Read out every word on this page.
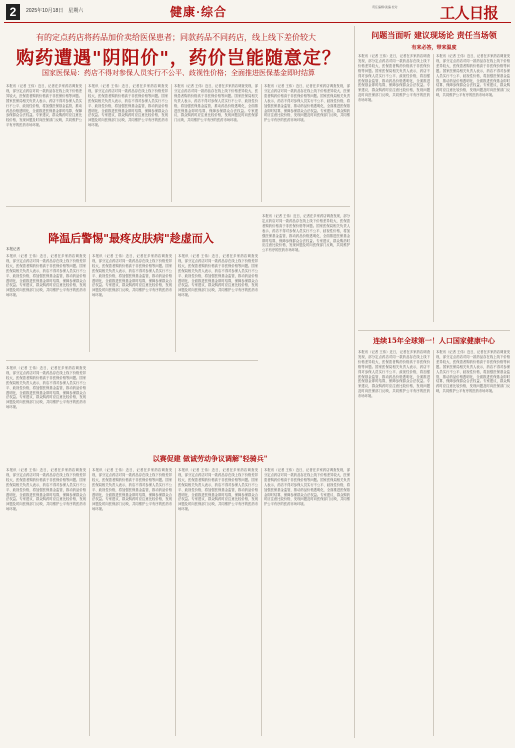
2	2025年10月18日　星期六	健康·综合	责任编辑/美编 校对	工人日报
有的定点药店将药品加价卖给医保患者；同款药品不同药店，线上线下差价较大
购药遭遇"阴阳价"，药价岂能随意定？
国家医保局：药店不得对参保人员实行不公平、歧视性价格；全面推进医保基金即时结算
本报讯（记者 王伟）近日，记者在多家药店调查发现，部分定点药店对同一款药品存在线上线下价格差异较大，医保患者购药价格高于非医保价格等问题。国家医保局相关负责人表示，药店不得对参保人员实行不公平、歧视性价格，将加强医保基金监管，推动药品价格透明化，全面推进医保基金即时结算，保障参保群众合法权益。专家建议，群众购药时应注意比较价格，发现问题及时向医保部门反映，共同维护公平有序的医药市场环境。
本报讯（记者 王伟）近日，记者在多家药店调查发现，部分定点药店对同一款药品存在线上线下价格差异较大，医保患者购药价格高于非医保价格等问题。国家医保局相关负责人表示，药店不得对参保人员实行不公平、歧视性价格，将加强医保基金监管，推动药品价格透明化，全面推进医保基金即时结算，保障参保群众合法权益。专家建议，群众购药时应注意比较价格，发现问题及时向医保部门反映，共同维护公平有序的医药市场环境。
本报讯（记者 王伟）近日，记者在多家药店调查发现，部分定点药店对同一款药品存在线上线下价格差异较大，医保患者购药价格高于非医保价格等问题。国家医保局相关负责人表示，药店不得对参保人员实行不公平、歧视性价格，将加强医保基金监管，推动药品价格透明化，全面推进医保基金即时结算，保障参保群众合法权益。专家建议，群众购药时应注意比较价格，发现问题及时向医保部门反映，共同维护公平有序的医药市场环境。
本报讯（记者 王伟）近日，记者在多家药店调查发现，部分定点药店对同一款药品存在线上线下价格差异较大，医保患者购药价格高于非医保价格等问题。国家医保局相关负责人表示，药店不得对参保人员实行不公平、歧视性价格，将加强医保基金监管，推动药品价格透明化，全面推进医保基金即时结算，保障参保群众合法权益。专家建议，群众购药时应注意比较价格，发现问题及时向医保部门反映，共同维护公平有序的医药市场环境。
降温后警惕"最疼皮肤病"趁虚而入
本报记者
本报讯（记者 王伟）近日，记者在多家药店调查发现，部分定点药店对同一款药品存在线上线下价格差异较大，医保患者购药价格高于非医保价格等问题。国家医保局相关负责人表示，药店不得对参保人员实行不公平、歧视性价格，将加强医保基金监管，推动药品价格透明化，全面推进医保基金即时结算，保障参保群众合法权益。专家建议，群众购药时应注意比较价格，发现问题及时向医保部门反映，共同维护公平有序的医药市场环境。
本报讯（记者 王伟）近日，记者在多家药店调查发现，部分定点药店对同一款药品存在线上线下价格差异较大，医保患者购药价格高于非医保价格等问题。国家医保局相关负责人表示，药店不得对参保人员实行不公平、歧视性价格，将加强医保基金监管，推动药品价格透明化，全面推进医保基金即时结算，保障参保群众合法权益。专家建议，群众购药时应注意比较价格，发现问题及时向医保部门反映，共同维护公平有序的医药市场环境。
本报讯（记者 王伟）近日，记者在多家药店调查发现，部分定点药店对同一款药品存在线上线下价格差异较大，医保患者购药价格高于非医保价格等问题。国家医保局相关负责人表示，药店不得对参保人员实行不公平、歧视性价格，将加强医保基金监管，推动药品价格透明化，全面推进医保基金即时结算，保障参保群众合法权益。专家建议，群众购药时应注意比较价格，发现问题及时向医保部门反映，共同维护公平有序的医药市场环境。
本报讯（记者 王伟）近日，记者在多家药店调查发现，部分定点药店对同一款药品存在线上线下价格差异较大，医保患者购药价格高于非医保价格等问题。国家医保局相关负责人表示，药店不得对参保人员实行不公平、歧视性价格，将加强医保基金监管，推动药品价格透明化，全面推进医保基金即时结算，保障参保群众合法权益。专家建议，群众购药时应注意比较价格，发现问题及时向医保部门反映，共同维护公平有序的医药市场环境。
本报讯（记者 王伟）近日，记者在多家药店调查发现，部分定点药店对同一款药品存在线上线下价格差异较大，医保患者购药价格高于非医保价格等问题。国家医保局相关负责人表示，药店不得对参保人员实行不公平、歧视性价格，将加强医保基金监管，推动药品价格透明化，全面推进医保基金即时结算，保障参保群众合法权益。专家建议，群众购药时应注意比较价格，发现问题及时向医保部门反映，共同维护公平有序的医药市场环境。
以赛促建 做诚劳动争议调解"轻骑兵"
本报讯（记者 王伟）近日，记者在多家药店调查发现，部分定点药店对同一款药品存在线上线下价格差异较大，医保患者购药价格高于非医保价格等问题。国家医保局相关负责人表示，药店不得对参保人员实行不公平、歧视性价格，将加强医保基金监管，推动药品价格透明化，全面推进医保基金即时结算，保障参保群众合法权益。专家建议，群众购药时应注意比较价格，发现问题及时向医保部门反映，共同维护公平有序的医药市场环境。
本报讯（记者 王伟）近日，记者在多家药店调查发现，部分定点药店对同一款药品存在线上线下价格差异较大，医保患者购药价格高于非医保价格等问题。国家医保局相关负责人表示，药店不得对参保人员实行不公平、歧视性价格，将加强医保基金监管，推动药品价格透明化，全面推进医保基金即时结算，保障参保群众合法权益。专家建议，群众购药时应注意比较价格，发现问题及时向医保部门反映，共同维护公平有序的医药市场环境。
本报讯（记者 王伟）近日，记者在多家药店调查发现，部分定点药店对同一款药品存在线上线下价格差异较大，医保患者购药价格高于非医保价格等问题。国家医保局相关负责人表示，药店不得对参保人员实行不公平、歧视性价格，将加强医保基金监管，推动药品价格透明化，全面推进医保基金即时结算，保障参保群众合法权益。专家建议，群众购药时应注意比较价格，发现问题及时向医保部门反映，共同维护公平有序的医药市场环境。
本报讯（记者 王伟）近日，记者在多家药店调查发现，部分定点药店对同一款药品存在线上线下价格差异较大，医保患者购药价格高于非医保价格等问题。国家医保局相关负责人表示，药店不得对参保人员实行不公平、歧视性价格，将加强医保基金监管，推动药品价格透明化，全面推进医保基金即时结算，保障参保群众合法权益。专家建议，群众购药时应注意比较价格，发现问题及时向医保部门反映，共同维护公平有序的医药市场环境。
问题当面听 建议现场论 责任当场领
有来必答，带来温度
本报讯（记者 王伟）近日，记者在多家药店调查发现，部分定点药店对同一款药品存在线上线下价格差异较大，医保患者购药价格高于非医保价格等问题。国家医保局相关负责人表示，药店不得对参保人员实行不公平、歧视性价格，将加强医保基金监管，推动药品价格透明化，全面推进医保基金即时结算，保障参保群众合法权益。专家建议，群众购药时应注意比较价格，发现问题及时向医保部门反映，共同维护公平有序的医药市场环境。
本报讯（记者 王伟）近日，记者在多家药店调查发现，部分定点药店对同一款药品存在线上线下价格差异较大，医保患者购药价格高于非医保价格等问题。国家医保局相关负责人表示，药店不得对参保人员实行不公平、歧视性价格，将加强医保基金监管，推动药品价格透明化，全面推进医保基金即时结算，保障参保群众合法权益。专家建议，群众购药时应注意比较价格，发现问题及时向医保部门反映，共同维护公平有序的医药市场环境。
连续15年全球第一！人口国家健康中心
本报讯（记者 王伟）近日，记者在多家药店调查发现，部分定点药店对同一款药品存在线上线下价格差异较大，医保患者购药价格高于非医保价格等问题。国家医保局相关负责人表示，药店不得对参保人员实行不公平、歧视性价格，将加强医保基金监管，推动药品价格透明化，全面推进医保基金即时结算，保障参保群众合法权益。专家建议，群众购药时应注意比较价格，发现问题及时向医保部门反映，共同维护公平有序的医药市场环境。
本报讯（记者 王伟）近日，记者在多家药店调查发现，部分定点药店对同一款药品存在线上线下价格差异较大，医保患者购药价格高于非医保价格等问题。国家医保局相关负责人表示，药店不得对参保人员实行不公平、歧视性价格，将加强医保基金监管，推动药品价格透明化，全面推进医保基金即时结算，保障参保群众合法权益。专家建议，群众购药时应注意比较价格，发现问题及时向医保部门反映，共同维护公平有序的医药市场环境。
